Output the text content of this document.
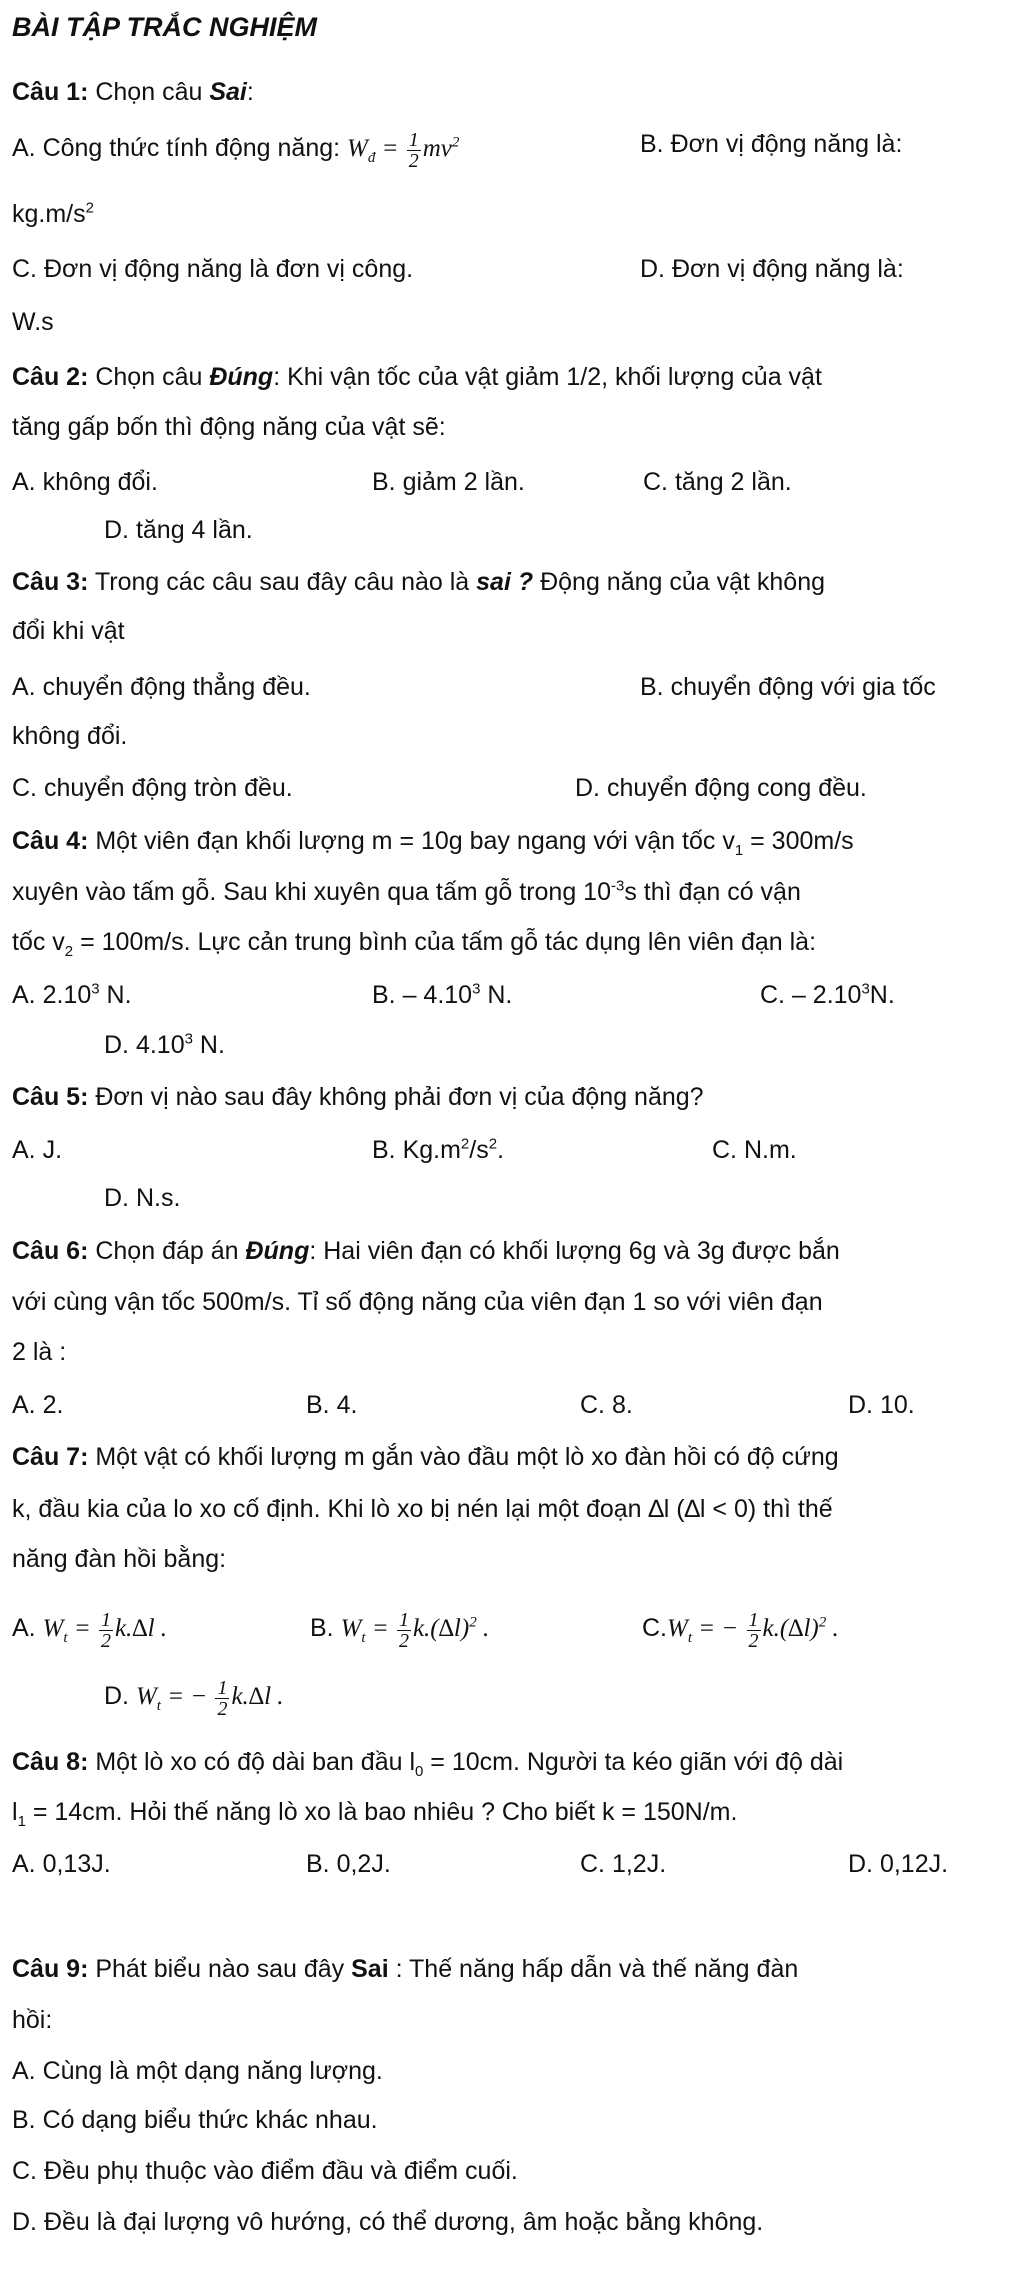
BÀI TẬP TRẮC NGHIỆM
Câu 1: Chọn câu Sai:
A. Công thức tính động năng: $W_đ = \frac{1}{2} mv^2$	B. Đơn vị động năng là:
$kg.m/s^2$
C. Đơn vị động năng là đơn vị công.	D. Đơn vị động năng là:
W.s
Câu 2: Chọn câu Đúng: Khi vận tốc của vật giảm 1/2, khối lượng của vật
tăng gấp bốn thì động năng của vật sẽ:
A. không đổi.	B. giảm 2 lần.	C. tăng 2 lần.
D. tăng 4 lần.
Câu 3: Trong các câu sau đây câu nào là sai ? Động năng của vật không
đổi khi vật
A. chuyển động thẳng đều.	B. chuyển động với gia tốc
không đổi.
C. chuyển động tròn đều.	D. chuyển động cong đều.
Câu 4: Một viên đạn khối lượng m = 10g bay ngang với vận tốc $v_1 = 300m/s$
xuyên vào tấm gỗ. Sau khi xuyên qua tấm gỗ trong $10^{-3}s$ thì đạn có vận
tốc $v_2 = 100m/s$. Lực cản trung bình của tấm gỗ tác dụng lên viên đạn là:
A. 2.10$^3$ N.	B. – 4.10$^3$ N.	C. – 2.10$^3$N.
D. 4.10$^3$ N.
Câu 5: Đơn vị nào sau đây không phải đơn vị của động năng?
A. J.	B. $Kg.m^2/s^2$.	C. N.m.
D. N.s.
Câu 6: Chọn đáp án Đúng: Hai viên đạn có khối lượng 6g và 3g được bắn
với cùng vận tốc 500m/s. Tỉ số động năng của viên đạn 1 so với viên đạn
2 là :
A. 2.	B. 4.	C. 8.	D. 10.
Câu 7: Một vật có khối lượng m gắn vào đầu một lò xo đàn hồi có độ cứng
k, đầu kia của lo xo cố định. Khi lò xo bị nén lại một đoạn ∆l (∆l < 0) thì thế
năng đàn hồi bằng:
A. $W_t = \frac{1}{2} k.\Delta l$ .	B. $W_t = \frac{1}{2} k.(\Delta l)^2$ .	$C.W_t$ = − $\frac{1}{2} k.(\Delta l)^2$ .
D. $W_t$ = − $\frac{1}{2} k.\Delta l$ .
Câu 8: Một lò xo có độ dài ban đầu $l_0 = 10cm$. Người ta kéo giãn với độ dài
$l_1 = 14cm$. Hỏi thế năng lò xo là bao nhiêu ? Cho biết k = 150N/m.
A. 0,13J.	B. 0,2J.	C. 1,2J.	D. 0,12J.
Câu 9: Phát biểu nào sau đây Sai : Thế năng hấp dẫn và thế năng đàn
hồi:
A. Cùng là một dạng năng lượng.
B. Có dạng biểu thức khác nhau.
C. Đều phụ thuộc vào điểm đầu và điểm cuối.
D. Đều là đại lượng vô hướng, có thể dương, âm hoặc bằng không.
